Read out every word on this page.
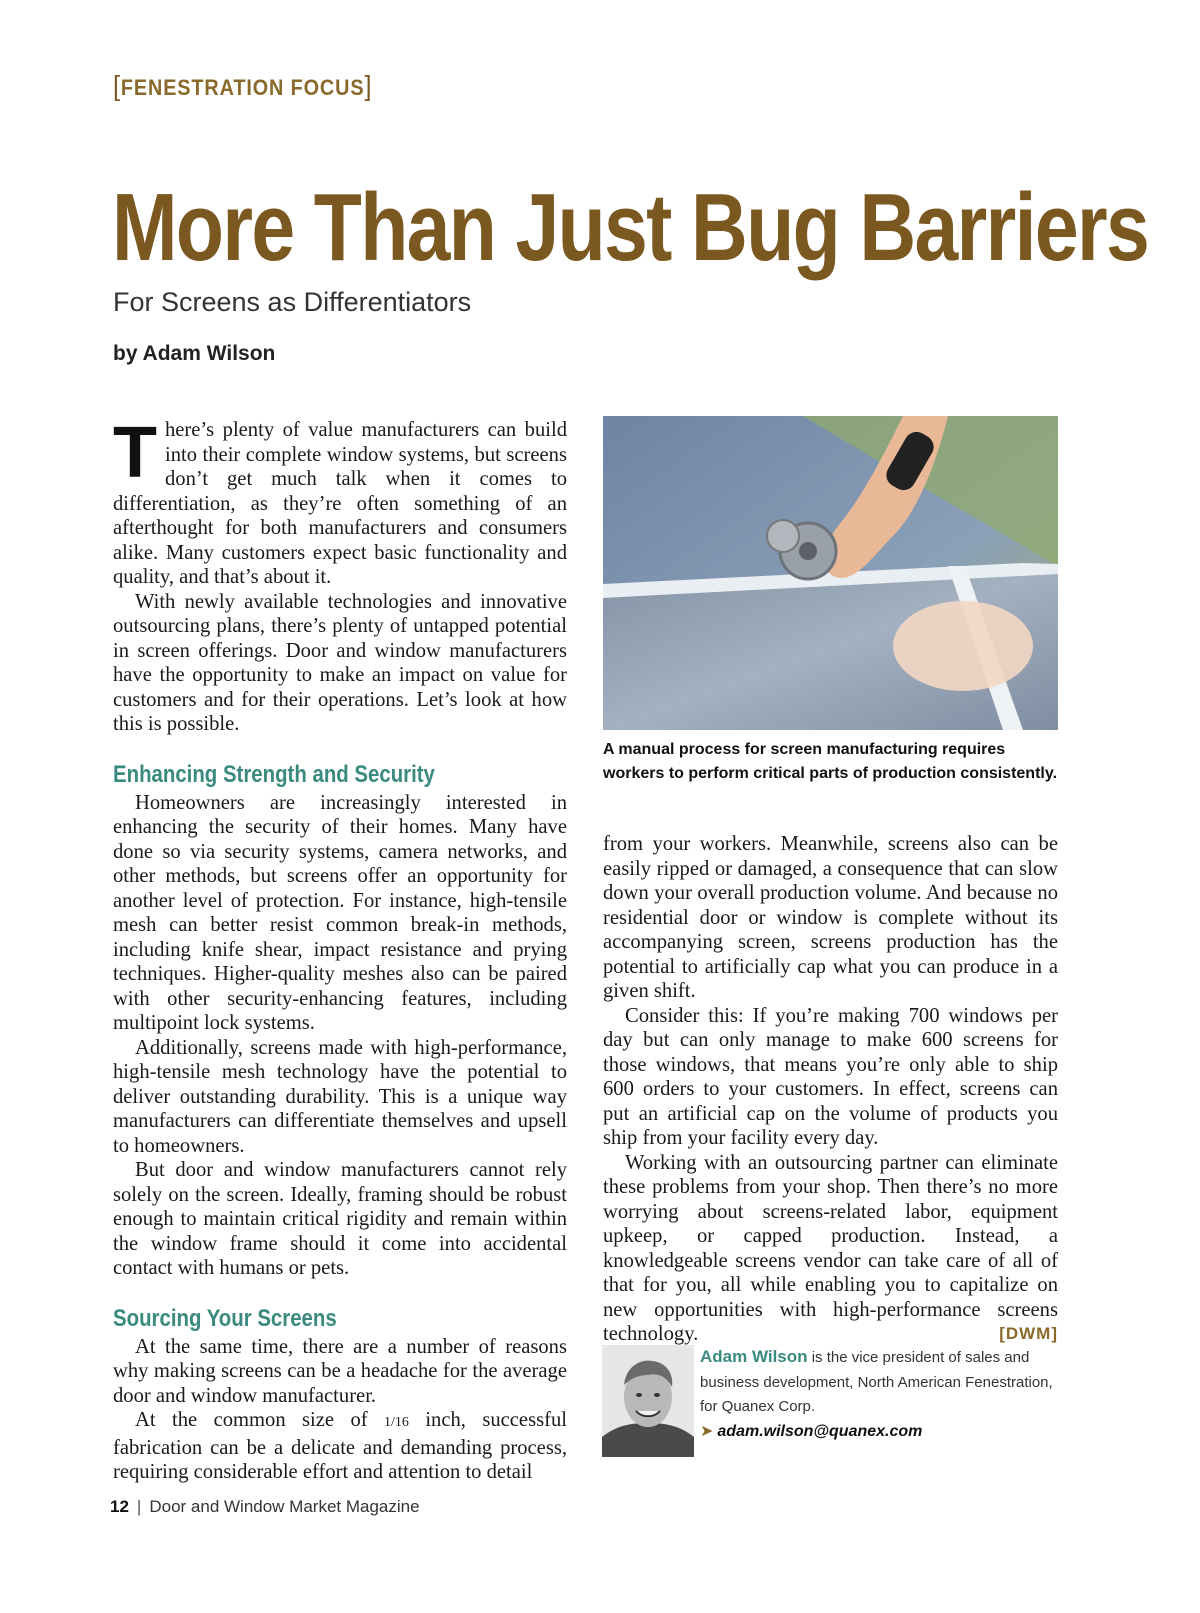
[FENESTRATION FOCUS]
More Than Just Bug Barriers
For Screens as Differentiators
by Adam Wilson

There’s plenty of value manufacturers can build into their complete window systems, but screens don’t get much talk when it comes to differentiation, as they’re often something of an afterthought for both manufacturers and consumers alike. Many customers expect basic functionality and quality, and that’s about it.

With newly available technologies and innovative outsourcing plans, there’s plenty of untapped potential in screen offerings. Door and window manufacturers have the opportunity to make an impact on value for customers and for their operations. Let’s look at how this is possible.

Enhancing Strength and Security

Homeowners are increasingly interested in enhancing the security of their homes. Many have done so via security systems, camera networks, and other methods, but screens offer an opportunity for another level of protection. For instance, high-tensile mesh can better resist common break-in methods, including knife shear, impact resistance and prying techniques. Higher-quality meshes also can be paired with other security-enhancing features, including multipoint lock systems.

Additionally, screens made with high-performance, high-tensile mesh technology have the potential to deliver outstanding durability. This is a unique way manufacturers can differentiate themselves and upsell to homeowners.

But door and window manufacturers cannot rely solely on the screen. Ideally, framing should be robust enough to maintain critical rigidity and remain within the window frame should it come into accidental contact with humans or pets.

Sourcing Your Screens

At the same time, there are a number of reasons why making screens can be a headache for the average door and window manufacturer.

At the common size of 1/16 inch, successful fabrication can be a delicate and demanding process, requiring considerable effort and attention to detail

A manual process for screen manufacturing requires workers to perform critical parts of production consistently.

from your workers. Meanwhile, screens also can be easily ripped or damaged, a consequence that can slow down your overall production volume. And because no residential door or window is complete without its accompanying screen, screens production has the potential to artificially cap what you can produce in a given shift.

Consider this: If you’re making 700 windows per day but can only manage to make 600 screens for those windows, that means you’re only able to ship 600 orders to your customers. In effect, screens can put an artificial cap on the volume of products you ship from your facility every day.

Working with an outsourcing partner can eliminate these problems from your shop. Then there’s no more worrying about screens-related labor, equipment upkeep, or capped production. Instead, a knowledgeable screens vendor can take care of all of that for you, all while enabling you to capitalize on new opportunities with high-performance screens technology.	[DWM]

Adam Wilson is the vice president of sales and business development, North American Fenestration, for Quanex Corp.
➤ adam.wilson@quanex.com
12 | Door and Window Market Magazine
